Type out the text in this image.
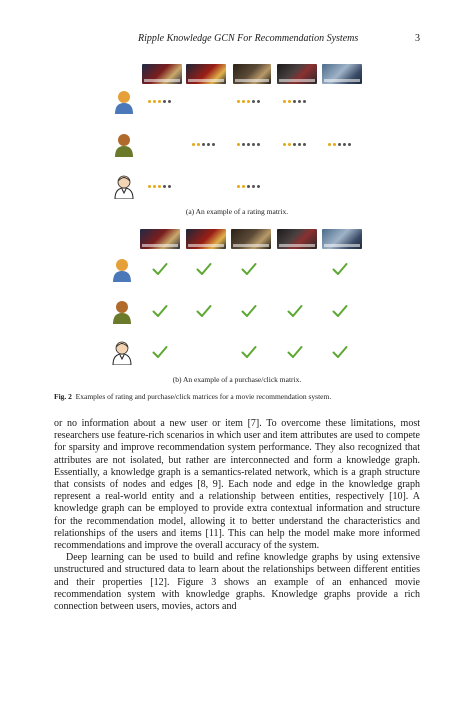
Ripple Knowledge GCN For Recommendation Systems	3
(a) An example of a rating matrix.
(b) An example of a purchase/click matrix.
Fig. 2 Examples of rating and purchase/click matrices for a movie recommendation system.

or no information about a new user or item [7]. To overcome these limitations, most researchers use feature-rich scenarios in which user and item attributes are used to compete for sparsity and improve recommendation system performance. They also recognized that attributes are not isolated, but rather are interconnected and form a knowledge graph. Essentially, a knowledge graph is a semantics-related network, which is a graph structure that consists of nodes and edges [8, 9]. Each node and edge in the knowledge graph represent a real-world entity and a relationship between entities, respectively [10]. A knowledge graph can be employed to provide extra contextual information and structure for the recommendation model, allowing it to better understand the characteristics and relationships of the users and items [11]. This can help the model make more informed recommendations and improve the overall accuracy of the system.

Deep learning can be used to build and refine knowledge graphs by using extensive unstructured and structured data to learn about the relationships between different entities and their properties [12]. Figure 3 shows an example of an enhanced movie recommendation system with knowledge graphs. Knowledge graphs provide a rich connection between users, movies, actors and
